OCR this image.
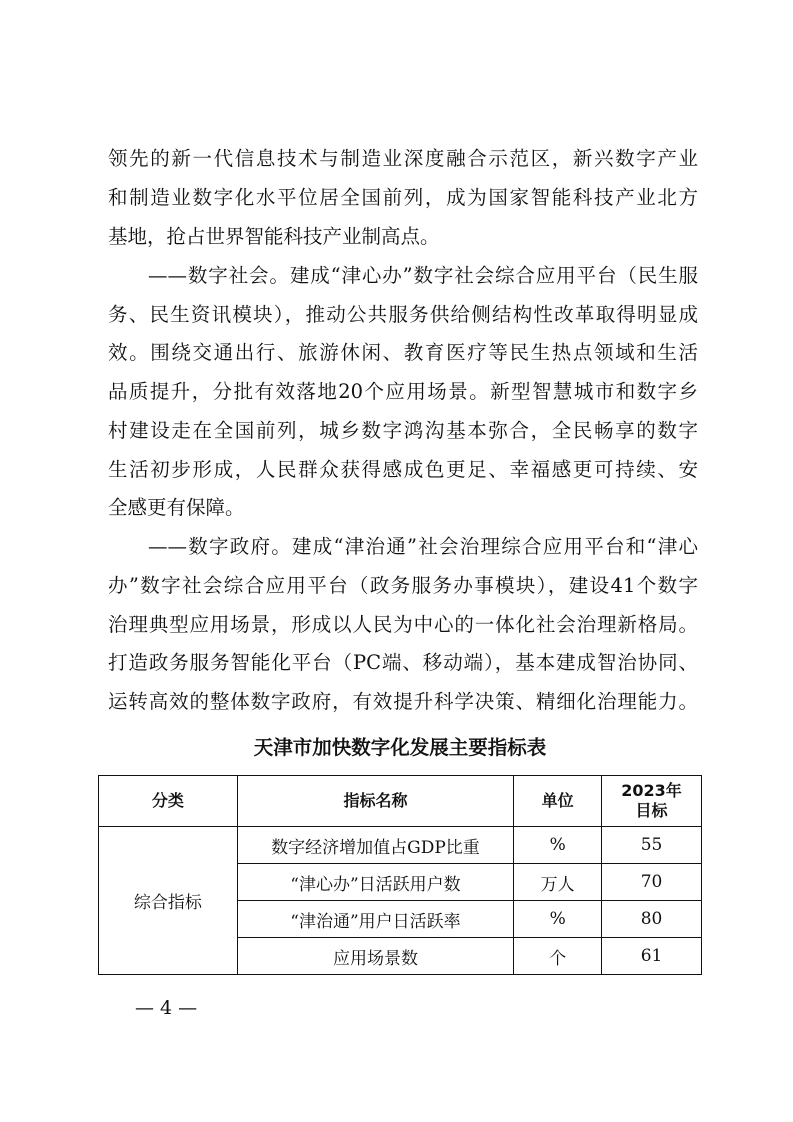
领先的新一代信息技术与制造业深度融合示范区，新兴数字产业
和制造业数字化水平位居全国前列，成为国家智能科技产业北方
基地，抢占世界智能科技产业制高点。
——数字社会。建成“津心办”数字社会综合应用平台（民生服
务、民生资讯模块），推动公共服务供给侧结构性改革取得明显成
效。围绕交通出行、旅游休闲、教育医疗等民生热点领域和生活
品质提升，分批有效落地20个应用场景。新型智慧城市和数字乡
村建设走在全国前列，城乡数字鸿沟基本弥合，全民畅享的数字
生活初步形成，人民群众获得感成色更足、幸福感更可持续、安
全感更有保障。
——数字政府。建成“津治通”社会治理综合应用平台和“津心
办”数字社会综合应用平台（政务服务办事模块），建设41个数字
治理典型应用场景，形成以人民为中心的一体化社会治理新格局。
打造政务服务智能化平台（PC端、移动端），基本建成智治协同、
运转高效的整体数字政府，有效提升科学决策、精细化治理能力。
天津市加快数字化发展主要指标表
分类	指标名称	单位	2023年
目标

综合指标	数字经济增加值占GDP比重	%	55
	“津心办”日活跃用户数	万人	70
	“津治通”用户日活跃率	%	80
	应用场景数	个	61
— 4 —
